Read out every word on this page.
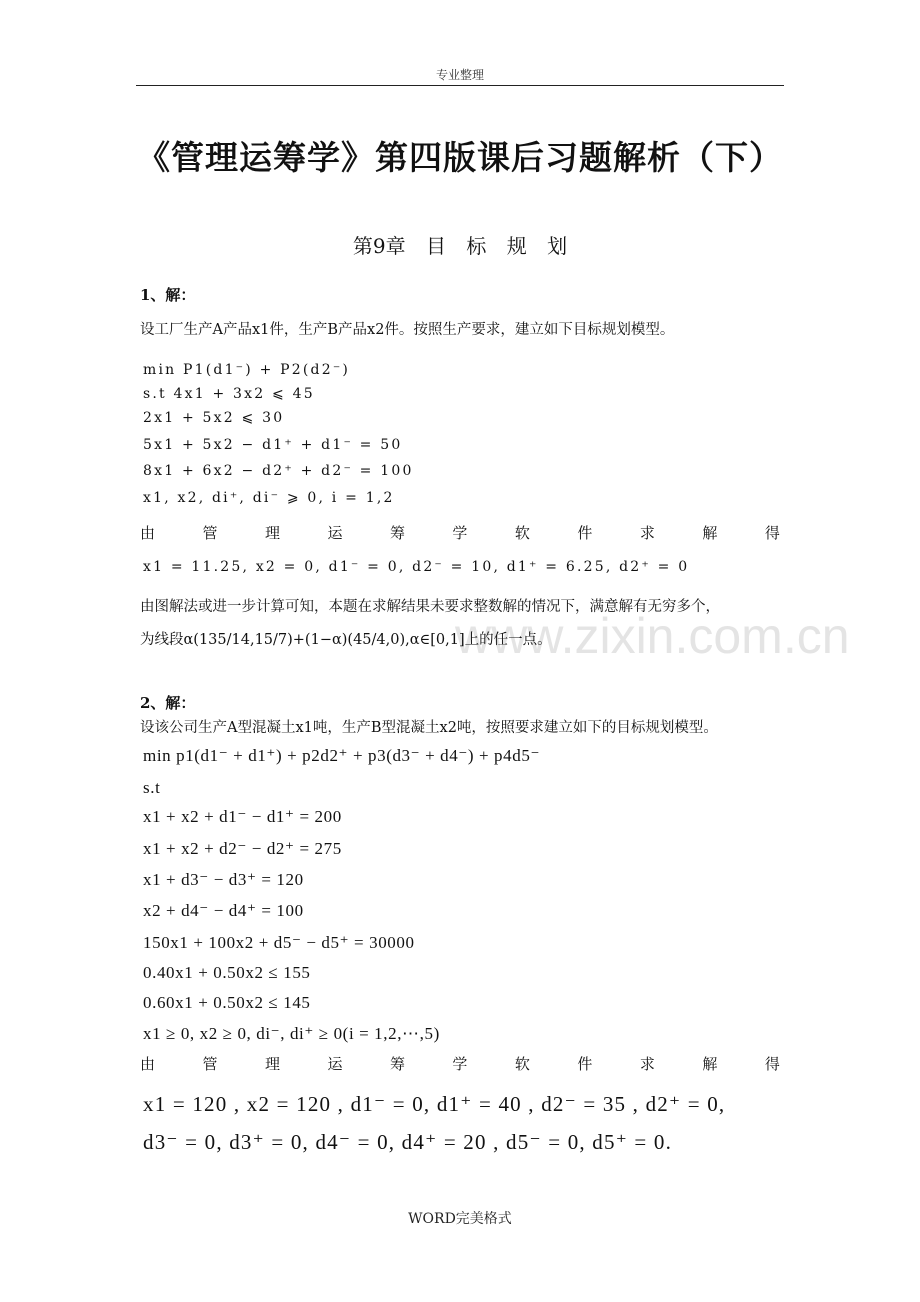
专业整理
《管理运筹学》第四版课后习题解析（下）
第9章 目 标 规 划
www.zixin.com.cn
1、解：
设工厂生产A产品x1件，生产B产品x2件。按照生产要求，建立如下目标规划模型。
min P1(d1⁻) + P2(d2⁻)
s.t 4x1 + 3x2 ⩽ 45
2x1 + 5x2 ⩽ 30
5x1 + 5x2 − d1⁺ + d1⁻ = 50
8x1 + 6x2 − d2⁺ + d2⁻ = 100
x1, x2, di⁺, di⁻ ⩾ 0, i = 1,2
由	管	理	运	筹	学	软	件	求	解	得
x1 = 11.25, x2 = 0, d1⁻ = 0, d2⁻ = 10, d1⁺ = 6.25, d2⁺ = 0
由图解法或进一步计算可知，本题在求解结果未要求整数解的情况下，满意解有无穷多个，
为线段α(135/14,15/7)+(1−α)(45/4,0),α∈[0,1]上的任一点。
2、解：
设该公司生产A型混凝土x1吨，生产B型混凝土x2吨，按照要求建立如下的目标规划模型。
min p1(d1⁻ + d1⁺) + p2d2⁺ + p3(d3⁻ + d4⁻) + p4d5⁻
s.t
x1 + x2 + d1⁻ − d1⁺ = 200
x1 + x2 + d2⁻ − d2⁺ = 275
x1 + d3⁻ − d3⁺ = 120
x2 + d4⁻ − d4⁺ = 100
150x1 + 100x2 + d5⁻ − d5⁺ = 30000
0.40x1 + 0.50x2 ≤ 155
0.60x1 + 0.50x2 ≤ 145
x1 ≥ 0, x2 ≥ 0, di⁻, di⁺ ≥ 0(i = 1,2,⋯,5)
由	管	理	运	筹	学	软	件	求	解	得
x1 = 120 , x2 = 120 , d1⁻ = 0, d1⁺ = 40 , d2⁻ = 35 , d2⁺ = 0,
d3⁻ = 0, d3⁺ = 0, d4⁻ = 0, d4⁺ = 20 , d5⁻ = 0, d5⁺ = 0.
WORD完美格式
